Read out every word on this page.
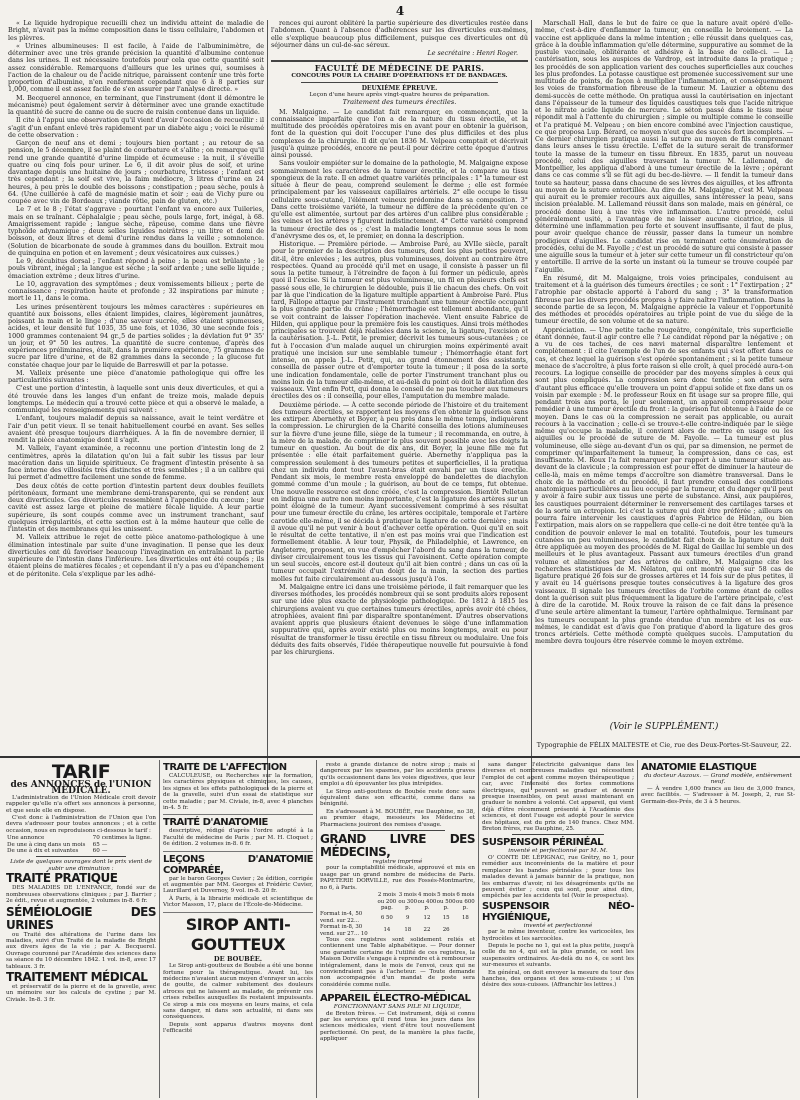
4

« Le liquide hydropique recueilli chez un individu atteint de maladie de Bright, n'avait pas la même composition dans le tissu cellulaire, l'abdomen et les plèvres.

« Urines albumineuses: Il est facile, à l'aide de l'albuminimètre, de déterminer avec une très grande précision la quantité d'albumine contenue dans les urines. Il est nécessaire toutefois pour cela que cette quantité soit assez considérable. Remarquons d'ailleurs que les urines qui, soumises à l'action de la chaleur ou de l'acide nitrique, paraissent contenir une très forte proportion d'albumine, n'en renferment cependant que 6 à 8 parties sur 1,000, comme il est assez facile de s'en assurer par l'analyse directe. »

M. Becquerel annonce, en terminant, que l'instrument (dont il démontre le mécanisme) peut également servir à déterminer avec une grande exactitude la quantité de sucre de canne ou de sucre de raisin contenue dans un liquide.

Il cite à l'appui une observation qu'il vient d'avoir l'occasion de recueillir : il s'agit d'un enfant enlevé très rapidement par un diabète aigu ; voici le résumé de cette observation :

Garçon de neuf ans et demi ; toujours bien portant ; au retour de sa pension, le 5 décembre, il se plaint de courbature et s'alite ; on remarque qu'il rend une grande quantité d'urine limpide et écumeuse : la nuit, il s'éveille quatre ou cinq fois pour uriner. Le 6, il dit avoir plus de soif, et urine davantage depuis une huitaine de jours ; courbature, tristesse ; l'enfant est très cependant ; la soif est vive, la faim médiocre, 3 litres d'urine en 24 heures, à peu près le double des boissons ; constipation ; peau sèche, pouls à 64. (Une cuillerée à café de magnésie matin et soir ; eau de Vichy pure ou coupée avec vin de Bordeaux ; viande rôtie, pain de gluten, etc.)

Le 7 et le 8 ; l'état s'aggrave : pourtant l'enfant va encore aux Tuileries, mais en se traînant. Céphalalgie ; peau sèche, pouls large, fort, inégal, à 68. Amaigrissement rapide ; langue sèche, râpeuse, comme dans une fièvre typhoïde adynamique ; deux selles liquides noirâtres ; un litre et demi de boisson, et deux litres et demi d'urine rendus dans la veille ; somnolence. (Solution de bicarbonate de soude à grammes dans du bouillon. Extrait mou de quinquina en potion et en lavement ; deux vésicatoires aux cuisses.)

Le 9, décubitus dorsal ; l'enfant répond à peine ; la peau est brûlante ; le pouls vibrant, inégal ; la langue est sèche ; la soif ardente ; une selle liquide ; émaciation extrême ; deux litres d'urine.

Le 10, aggravation des symptômes ; deux vomissements bilieux ; perte de connaissance ; respiration haute et profonde ; 32 inspirations par minute ; mort le 11, dans le coma.

Les urines présentèrent toujours les mêmes caractères : supérieures en quantité aux boissons, elles étaient limpides, claires, légèrement jaunâtres, poissant la main et le linge ; d'une saveur sucrée, elles étaient spumeuses, acides, et leur densité fut 1035, 35 une fois, et 1036, 30 une seconde fois ; 1000 grammes contenaient 94 gr.,5 de parties solides ; la dévlation fut 9° 35' un jour, et 9° 50 les autres. La quantité de sucre contenue, d'après des expériences préliminaires, était, dans la première expérience, 75 grammes de sucre par litre d'urine, et de 82 grammes dans la seconde ; la glucose fut constatée chaque jour par le liquide de Barreswill et par la potasse.

M. Valleix présente une pièce d'anatomie pathologique qui offre les particularités suivantes :

C'est une portion d'intestin, à laquelle sont unis deux diverticules, et qui a été trouvée dans les langes d'un enfant de treize mois, malade depuis longtemps. Le médecin qui a trouvé cette pièce et qui a observé le malade, a communiqué les renseignements qui suivent :

L'enfant, toujours maladif depuis sa naissance, avait le teint verdâtre et l'air d'un petit vieux. Il se tenait habituellement courbé en avant. Ses selles avaient été presque toujours diarrhéiques. À la fin de novembre dernier, il rendit la pièce anatomique dont il s'agit.

M. Valleix, l'ayant examinée, a reconnu une portion d'intestin long de 2 centimètres, après la dilatation qu'on lui a fait subir les tissus par leur macération dans un liquide spiritueux. Ce fragment d'intestin présente à sa face interne des villosités très distinctes et très sensibles ; il a un calibre qui lui permet d'admettre facilement une sonde de femme.

Des deux côtés de cette portion d'intestin partent deux doubles feuillets péritonéaux, formant une membrane demi-transparente, qui se rendent aux deux diverticules. Ces diverticules ressemblent à l'appendice du cæcum ; leur cavité est assez large et pleine de matière fécale liquide. À leur partie supérieure, ils sont coupés comme avec un instrument tranchant, sauf quelques irrégularités, et cette section est à la même hauteur que celle de l'intestin et des membranes qui les unissent.

M. Valleix attribue le rejet de cette pièce anatomo-pathologique à une élimination intestinale par suite d'une invagination. Il pense que les deux diverticules ont dû favoriser beaucoup l'invagination en entraînant la partie supérieure de l'intestin dans l'inférieure. Les diverticules ont été coupés ; ils étaient pleins de matières fécales ; et cependant il n'y a pas eu d'épanchement et de péritonite. Cela s'explique par les adhé-

rences qui auront oblitéré la partie supérieure des diverticules restée dans l'abdomen. Quant à l'absence d'adhérences sur les diverticules eux-mêmes, elle s'explique beaucoup plus difficilement, puisque ces diverticules ont dû séjourner dans un cul-de-sac séreux.

Le secrétaire : Henri Roger.
FACULTÉ DE MÉDECINE DE PARIS.
CONCOURS POUR LA CHAIRE D'OPÉRATIONS ET DE BANDAGES.
DEUXIÈME ÉPREUVE.
Leçon d'une heure après vingt-quatre heures de préparation.
Traitement des tumeurs érectiles.

M. Malgaigne. — Le candidat fait remarquer, en commençant, que la connaissance imparfaite que l'on a de la nature du tissu érectile, et la multitude des procédés opératoires mis en avant pour en obtenir la guérison, font de la question qui doit l'occuper l'une des plus difficiles et des plus complexes de la chirurgie. Il dit qu'en 1836 M. Velpeau comptait et décrivait jusqu'à quinze procédés, encore ne peut-il pour décrire cette époque d'autres ainsi poussé.

Sans vouloir empiéter sur le domaine de la pathologie, M. Malgaigne expose sommairement les caractères de la tumeur érectile, et la compare au tissu spongieux de la rate. Il en admet quatre variétés principales : 1° la tumeur est située à fleur de peau, comprend seulement le derme ; elle est formée principalement par les vaisseaux capillaires artériels. 2° elle occupe le tissu cellulaire sous-cutané, l'élément veineux prédomine dans sa composition. 3° Dans cette troisième variété, la tumeur ne diffère de la précédente qu'en ce qu'elle est alimentée, surtout par des artères d'un calibre plus considérable ; les veines et les artères y figurent indistinctement. 4° Cette variété comprend la tumeur érectile des os ; c'est la maladie longtemps connue sous le nom d'anévrysme des os, et, le premier, en donna la description.

Historique. — Première période. — Ambroise Paré, au XVIIe siècle, paraît pour le premier de la description des tumeurs, dont les plus petites peuvent, dit-il, être enlevées ; les autres, plus volumineuses, doivent au contraire être respectées. Quand au procédé qu'il met en usage, il consiste à passer un fil sous la petite tumeur, à l'étreindre de façon à lui former un pédicule, après quoi il l'excise. Si la tumeur est plus volumineuse, un fil en plusieurs chefs est passé sous elle, le chirurgien le dédouble, puis il lie chacun des chefs. On voit par là que l'indication de la ligature multiple appartient à Ambroise Paré. Plus tard, Fallope attaque par l'instrument tranchant une tumeur érectile occupant la plus grande partie du crâne ; l'hémorrhagie est tellement abondante, qu'il se voit contraint de laisser l'opération inachevée. Vient ensuite Fabrice de Hilden, qui applique pour la première fois les caustiques. Ainsi trois méthodes principales se trouvent déjà réalisées dans la science, la ligature, l'excision et la cautérisation. J.-L. Petit, le premier, décrivit les tumeurs sous-cutanées ; ce fut à l'occasion d'un malade auquel un chirurgien moins expérimenté avait pratiqué une incision sur une semblable tumeur ; l'hémorrhagie étant fort intense, on appela J.-L. Petit, qui, au grand étonnement des assistants, conseilla de passer outre et d'emporter toute la tumeur ; il posa de la sorte une indication fondamentale, celle de porter l'instrument tranchant plus ou moins loin de la tumeur elle-même, et au-delà du point où doit la dilatation des vaisseaux. Vint enfin Pott, qui donna le conseil de ne pas toucher aux tumeurs érectiles des os : il conseilla, pour elles, l'amputation du membre malade.

Deuxième période. — À cette seconde période de l'histoire et du traitement des tumeurs érectiles, se rapportent les moyens d'en obtenir la guérison sans les extirper. Abernethy et Boyer, à peu près dans le même temps, indiquèrent la compression. Le chirurgien de la Charité conseilla des lotions alumineuses sur la fièvre d'une jeune fille, siège de la tumeur ; il recommanda, en outre, à la mère de la malade, de comprimer le plus souvent possible avec les doigts la tumeur en question. Au bout de dix ans, dit Boyer, la jeune fille me fut présentée : elle était parfaitement guérie. Abernethy n'appliqua pas la compression seulement à des tumeurs petites et superficielles, il la pratiqua chez un individu dont tout l'avant-bras était envahi par un tissu érectile. Pendant six mois, le membre resta enveloppé de bandelettes de diachylon gommé comme d'un moule ; la guérison, au bout de ce temps, fut obtenue. Une nouvelle ressource est donc créée, c'est la compression. Bientôt Pelletan en indiqua une autre non moins importante, c'est la ligature des artères sur un point éloigné de la tumeur. Ayant successivement comprimé à ses résultat pour une tumeur érectile du crâne, les artères occipitale, temporale et l'artère carotide elle-même, il se décida à pratiquer la ligature de cette dernière ; mais il avoue qu'il ne put venir à bout d'achever cette opération. Quoi qu'il en soit le résultat de cette tentative, il n'en est pas moins vrai que l'indication est formellement établie. À leur tour, Physik, de Philadelphie, et Lawrence, en Angleterre, proposent, en vue d'empêcher l'abord du sang dans la tumeur, de diviser circulairement tous les tissus qui l'avoisinent. Cette opération compte un seul succès, encore est-il douteux qu'il ait bien contré ; dans un cas où la tumeur occupait l'extrémité d'un doigt de la main, la section des parties molles fut faite circulairement au-dessous jusqu'à l'os.

M. Malgaigne entre ici dans une troisième période, il fait remarquer que les diverses méthodes, les procédés nombreux qui se sont produits alors reposent sur une idée plus exacte de physiologie pathologique. De 1812 à 1815 les chirurgiens avaient vu que certaines tumeurs érectiles, après avoir été chées, atrophiées, avaient fini par disparaître spontanément. D'autres observations avaient appris que plusieurs étaient devenues le siège d'une inflammation suppurative qui, après avoir existé plus ou moins longtemps, avait eu pour résultat de transformer le tissu érectile en tissu fibreux ou modulaire. Une fois déduits des faits observés, l'idée thérapeutique nouvelle fut poursuivie à fond par les chirurgiens.

Marschall Hall, dans le but de faire ce que la nature avait opéré d'elle-même, c'est-à-dire d'enflammer la tumeur, en conseilla le broiement. — La vaccine est appliquée dans la même intention ; elle réussit dans quelques cas, grâce à la double inflammation qu'elle détermine, suppurative au sommet de la pustule vaccinale, oblitérante et adhésive à la base de celle-ci. — La cautérisation, sous les auspices de Vardrop, est introduite dans la pratique ; les procédés de son application varient des couches superficielles aux couches les plus profondes. La potasse caustique est promenée successivement sur une multitude de points, de façon à multiplier l'inflammation, et conséquemment les voies de transformation fibreuse de la tumeur. M. Lauzier a obtenu des demi-succès de cette méthode. On pratiqua aussi la cautérisation en injectant dans l'épaisseur de la tumeur des liquides caustiques tels que l'acide nitrique et le nitrate acide liquide de mercure. Le séton passé dans le tissu meur répondit mal à l'attente du chirurgien ; simple ou multiple comme le conseille et l'a pratiqué M. Velpeau ; on bien encore combiné avec l'injection caustique, ce que proposa Lup. Bérard, ce moyen n'eut que des succès fort incomplets. — Ce dernier chirurgien pratiqua aussi la suture au moyen de fils comprenant dans leurs anses le tissu érectile. L'effet de la suture serait de transformer toute la masse de la tumeur en tissu fibreux. En 1835, parut un nouveau procédé, celui des aiguilles traversant la tumeur. M. Lallemand, de Montpellier, les appliqua d'abord à une tumeur érectile de la lèvre ; opérant dans ce cas comme s'il se fût agi du bec-de-lièvre. — Il fendit la tumeur dans toute sa hauteur, passa dans chacune de ses lèvres des aiguilles, et les affronta au moyen de la suture entortillée. Au dire de M. Malgaigne, c'est M. Velpeau qui aurait eu le premier recours aux aiguilles, sans intéresser la peau, sans incision préalable. M. Lallemand réussit dans son malade, mais en général, ce procédé donne lieu à une très vive inflammation. L'autre procédé, celui généralement usité, a l'avantage de ne laisser aucune cicatrice, mais il déterminé une inflammation peu forte et souvent insuffisante, il faut de plus, pour avoir quelque chance de réussir, passer dans la tumeur un nombre prodigieux d'aiguilles. Le candidat rise en terminant cette énumération de procédés, celui de M. Fayolle ; c'est un procédé de suture qui consiste à passer une aiguille sous la tumeur et à jeter sur cette tumeur un fil constricteur qu'on y entortille. Il arrive de la sorte un instant où la tumeur se trouve coupée par l'aiguille.

En résumé, dit M. Malgaigne, trois voies principales, conduisent au traitement et à la guérison des tumeurs érectiles ; ce sont : 1° l'extirpation ; 2° l'atrophie par obstacle apporté à l'abord du sang ; 3° la transformation fibreuse par les divers procédés propres à y faire naître l'inflammation. Dans la seconde partie de sa leçon, M. Malgaigne apprécie la valeur et l'opportunité des méthodes et procédés opératoires au triple point de vue du siège de la tumeur érectile, de son volume et de sa nature.

Appréciation. — Une petite tache rougeâtre, congénitale, très superficielle étant donnée, faut-il agir contre elle ? Le candidat répond par la négative ; on a vu de ces taches, de ces nævi maternal disparaître lentement et complètement : il cite l'exemple de l'un de ses enfants qui s'est offert dans ce cas, et chez lequel la guérison s'est opérée spontanément ; si la petite tumeur menace de s'accroître, à plus forte raison si elle croît, à quel procédé aura-t-on recours. La logique conseille de procéder par des moyens simples à ceux qui sont plus compliqués. La compression sera donc tentée ; son effet sera d'autant plus efficace qu'elle trouvera un point d'appui solide et fixe dans un os voisin par exemple : M. le professeur Roux en fit usage sur sa propre fille, qui pendant trois ans porta, le jour seulement, un appareil compresseur pour remédier à une tumeur érectile du front : la guérison fut obtenue à l'aide de ce moyen. Dans le cas où la compression ne serait pas applicable, ou aurait recours à la vaccination ; celle-ci se trouve-t-elle contre-indiquée par le siège même qu'occupe la maladie, il convient alors de mettre en usage ou les aiguilles ou le procédé de suture de M. Fayolle. — La tumeur est plus volumineuse, elle siège au-devant d'un os qui, par sa dimension, ne permet de comprimer qu'imparfaitement la tumeur, la compression, dans ce cas, est insuffisante. M. Roux l'a fait remarquer par rapport à une tumeur située au-devant de la clavicule ; la compression est pour effet de diminuer la hauteur de celle-là, mais en même temps d'accroître son diamètre transversal. Dans le choix de la méthode et du procédé, il faut prendre conseil des conditions anatomiques particulières au lieu occupé par la tumeur, et du danger qu'il peut y avoir à faire subir aux tissus une perte de substance. Ainsi, aux paupières, les caustiques pourraient déterminer le renversement des cartilages tarses et de la sorte un ectropion. Ici c'est la suture qui doit être préférée ; ailleurs on pourra faire intervenir les caustiques d'après Fabrice de Hildan, ou bien l'extirpation, mais alors on se rappellera que celle-ci ne doit être tentée qu'à la condition de pouvoir enlever le mal en totalité. Toutefois, pour les tumeurs cutanées un peu volumineuses, le candidat fait choix de la ligature qui doit être appliquée au moyen des procédés de M. Rigal de Gaillac lui semble un des meilleurs et le plus avantageux. Passant aux tumeurs érectiles d'un grand volume et alimentées par des artères de calibre, M. Malgaigne cite les recherches statistiques de M. Nélaton, qui ont montré que sur 58 cas de ligature pratiqué 26 fois sur de grosses artères et 14 fois sur de plus petites, il y avait eu 14 guérisons presque toutes consécutives à la ligature des gros vaisseaux. Il signale les tumeurs érectiles de l'orbite comme étant de celles dont la guérison suit plus fréquemment la ligature de l'artère principale, c'est à dire de la carotide. M. Roux trouve la raison de ce fait dans la présence d'une seule artère alimentant la tumeur, l'artère ophthalmique. Terminant par les tumeurs occupant la plus grande étendue d'un membre et les os eux-mêmes, le candidat est d'avis que l'on pratique d'abord la ligature des gros troncs artériels. Cette méthode compte quelques succès. L'amputation du membre devra toujours être réservée comme le moyen extrême.

(Voir le SUPPLÉMENT.)
Typographie de FÉLIX MALTESTE et Cie, rue des Deux-Portes-St-Sauveur, 22.
TARIF
des ANNONCES de l'UNION MÉDICALE.

L'administration de l'Union Médicale croit devoir rappeler qu'elle n'a offert ses annonces à personne, et que seule elle en dispose.

C'est donc à l'administration de l'Union que l'on devra s'adresser pour toutes annonces ; et à cette occasion, nous en reproduisons ci-dessous le tarif :

Une annonce	70	centimes la ligne.
De une à cinq dans un mois	65	—
De une à dix et suivantes	60	—
Liste de quelques ouvrages dont le prix vient de subir une diminution :
TRAITÉ PRATIQUE

DES MALADIES DE L'ENFANCE, fondé sur de nombreuses observations cliniques ; par J. Barrier ; 2e édit., revue et augmentée, 2 volumes in-8. 6 fr.

SÉMÉIOLOGIE DES URINES

ou Traité des altérations de l'urine dans les maladies, suivi d'un Traité de la maladie de Bright aux divers âges de la vie ; par A. Becquerel. Ouvrage couronné par l'Académie des sciences dans sa séance du 10 décembre 1842. 1 vol. in-8, avec 17 tableaux. 3 fr.

TRAITEMENT MÉDICAL

et préservatif de la pierre et de la gravelle, avec un mémoire sur les calculs de cystine ; par M. Civiale. In-8. 3 fr.

TRAITÉ DE L'AFFECTION

CALCULEUSE, ou Recherches sur la formation, les caractères physiques et chimiques, les causes, les signes et les effets pathologiques de la pierre et de la gravelle, suivi d'un essai de statistique sur cette maladie ; par M. Civiale, in-8, avec 4 planches in-4. 5 fr.

TRAITÉ D'ANATOMIE

descriptive, rédigé d'après l'ordre adopté à la Faculté de médecine de Paris ; par M. H. Cloquet ; 6e édition. 2 volumes in-8. 6 fr.

LEÇONS D'ANATOMIE COMPARÉE,

par le baron Georges Cuvier ; 2e édition, corrigée et augmentée par MM. Georges et Frédéric Cuvier, Laurillard et Duvernoy, 9 vol. in-8. 20 fr.

À Paris, à la librairie médicale et scientifique de Victor Masson, 17, place de l'École-de-Médecine.

SIROP ANTI-GOUTTEUX
DE BOUBÉE.

Le Sirop anti-goutteux de Boubée a été une bonne fortune pour la thérapeutique. Avant lui, les médecins n'avaient aucun moyen d'enrayer un accès de goutte, de calmer subitement des douleurs atroces qui ne laissent au malade, de prévenir ces crises rebelles auxquelles ils restaient impuissants. Ce sirop a mis ces moyens en leurs mains, et cela sans danger, ni dans son actualité, ni dans ses conséquences.

Depuis sont apparus d'autres moyens dont l'efficacité

reste à grande distance de notre sirop ; mais si dangereux par les spasmes, par les accidents graves qu'ils occasionnent dans les voies digestives, que leur emploi a dû épouvanter les plus intrépides.

Le Sirop anti-goutteux de Boubée reste donc sans équivalent dans son efficacité, comme dans sa bénignité.

En s'adressant à M. BOUBÉE, rue Dauphine, no 38, au premier étage, messieurs les Médecins et Pharmaciens jouiront des remises d'usage.

GRAND LIVRE DES MÉDECINS,
registre imprimé

pour la comptabilité médicale, approuvé et mis en usage par un grand nombre de médecins de Paris. PAPETERIE DORVILLE, rue des Fossés-Montmartre, no 6, à Paris.

	2 mois	3 mois	4 mois	5 mois	6 mois
	ou 200 pag.	ou 300 p.	ou 400 p.	ou 500 p.	ou 600 p.
Format in-4, 50 vend. sur 22...	6 50	9	12	15	18
Format in-8, 30 vend. sur 27... 10	14	18	22	26	

Tous ces registres sont solidement reliés et contiennent une Table alphabétique. — Pour donner une garantie certaine de l'utilité de ces registres, la Maison Dorville s'engage à reprendre et à rembourser intégralement, dans le mois de l'envoi, ceux qui ne conviendraient pas à l'acheteur. — Toute demande non accompagnée d'un mandat de poste sera considérée comme nulle.

APPAREIL ÉLECTRO-MÉDICAL
FONCTIONNANT SANS PILE NI LIQUIDE,

de Breton frères. — Cet instrument, déjà si connu par les services qu'il rend tous les jours dans les sciences médicales, vient d'être tout nouvellement perfectionné. On peut, de la manière la plus facile, appliquer

sans danger l'électricité galvanique dans les diverses et nombreuses maladies qui nécessitent l'emploi de cet agent comme moyen thérapeutique ; car, avec l'intensité des fortes commotions électriques, qui peuvent se graduer et devenir presque insensibles, on peut aussi maintenant en graduer le nombre à volonté. Cet appareil, qui vient déjà d'être récemment présenté à l'Académie des sciences, et dont l'usage est adopté pour le service des hôpitaux, est du prix de 140 francs. Chez MM. Breton frères, rue Dauphine, 25.

SUSPENSOIR PÉRINÉAL
inventé et perfectionné par M. M.

O' CONTE DE LÉPIGNAC, rue Grétry, no 1, pour remédier aux inconvénients de la matière et pour remplacer les bandes périnéales ; pour tous les malades devant à jamais bannir de la pratique, non les embarras d'avoir, ni les désagréments qu'ils ne peuvent éviter ; ceux qui sont, pour ainsi dire, empêchés par les accidents tel (Voir le prospectus).

SUSPENSOIR NÉO-HYGIÉNIQUE,
inventé et perfectionné

par le même inventeur, contre les varicocèles, les hydrocèles et les sarcocèles.

Depuis le poche no 1, qui est la plus petite, jusqu'à celle du no 4, qui est la plus grande, ce sont les suspensoirs ordinaires. Au-delà du no 4, ce sont les sur-mesures et suivants.

En général, on doit envoyer la mesure du tour des hanches, des organes et des sous-cuisses ; si l'on désire des sous-cuisses. (Affranchir les lettres.)

ANATOMIE ÉLASTIQUE
du docteur Auzoux. — Grand modèle, entièrement neuf.

— À vendre 1,600 francs au lieu de 3,000 francs, avec facilités. — S'adresser à M. Joseph, 2, rue St-Germain-des-Prés, de 3 à 5 heures.
